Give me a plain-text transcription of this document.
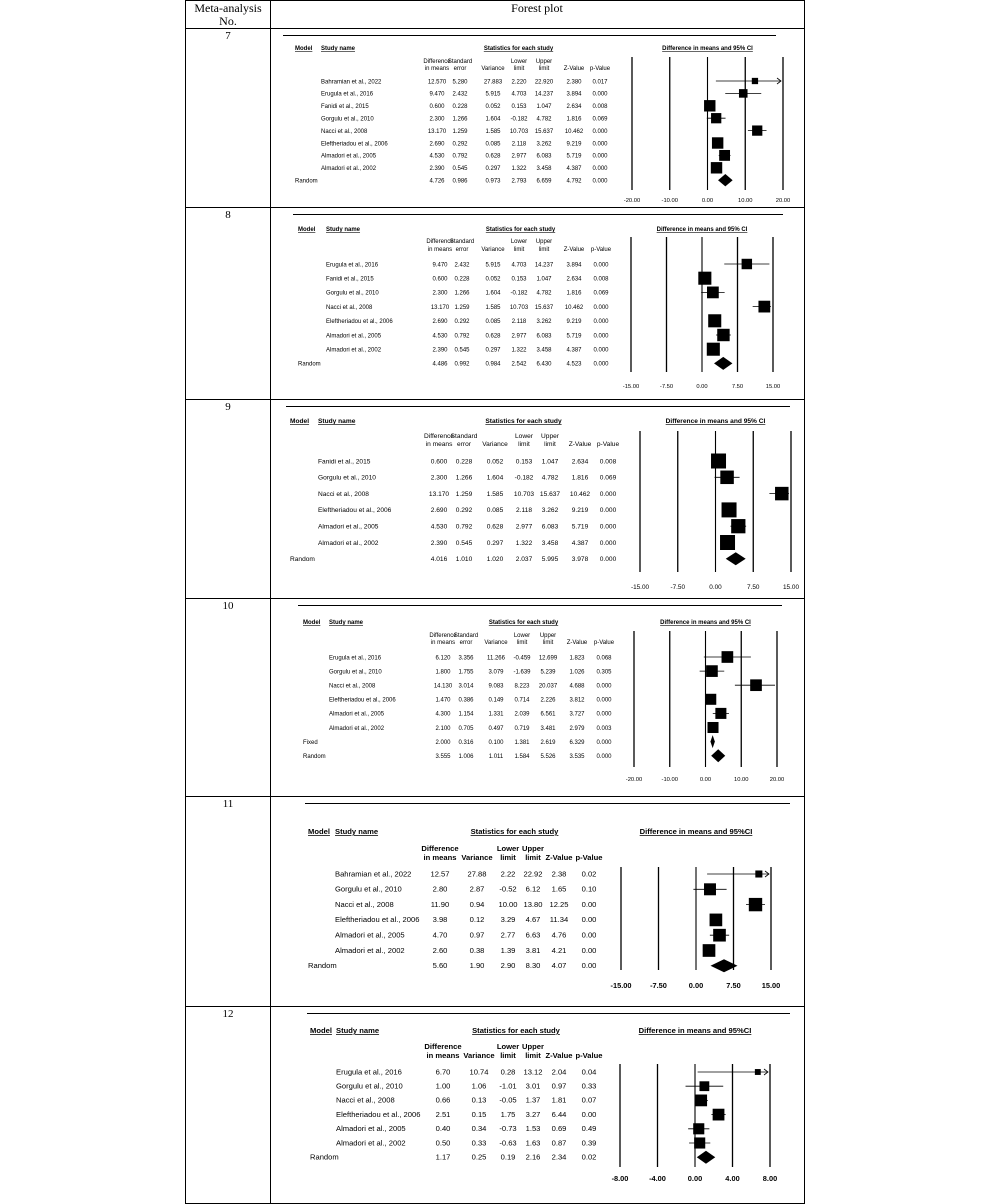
Meta-analysis
No.
Forest plot
7
Model Study name	Statistics for each study	Difference in means and 95% CI
Difference
in means
Standard
error	Variance
Lower
limit
Upper
limit Z-Value p-Value
-20.00	-10.00	0.00	10.00	20.00
Bahramian et al., 2022	12.570 5.280	27.883 2.220 22.920 2.380 0.017
Erugula et al., 2016	9.470 2.432	5.915 4.703 14.237 3.894 0.000
Fanidi et al., 2015	0.600 0.228	0.052 0.153 1.047 2.634 0.008
Gorgulu et al., 2010	2.300 1.266	1.604 -0.182 4.782 1.816 0.069
Nacci et al., 2008	13.170 1.259	1.585 10.703 15.637 10.462 0.000
Eleftheriadou et al., 2006	2.690 0.292	0.085 2.118 3.262 9.219 0.000
Almadori et al., 2005	4.530 0.792	0.628 2.977 6.083 5.719 0.000
Almadori et al., 2002	2.390 0.545	0.297 1.322 3.458 4.387 0.000
Random	4.726 0.986	0.973 2.793 6.659 4.792 0.000
8
Model Study name	Statistics for each study	Difference in means and 95% CI
Difference
in means
Standard
error Variance
Lower
limit
Upper
limit Z-Value p-Value
-15.00	-7.50	0.00	7.50	15.00
Erugula et al., 2016	9.470 2.432	5.915 4.703 14.237 3.894 0.000
Fanidi et al., 2015	0.600 0.228	0.052 0.153 1.047 2.634 0.008
Gorgulu et al., 2010	2.300 1.266	1.604 -0.182 4.782 1.816 0.069
Nacci et al., 2008	13.170 1.259	1.585 10.703 15.637 10.462 0.000
Eleftheriadou et al., 2006	2.690 0.292	0.085 2.118 3.262 9.219 0.000
Almadori et al., 2005	4.530 0.792	0.628 2.977 6.083 5.719 0.000
Almadori et al., 2002	2.390 0.545	0.297 1.322 3.458 4.387 0.000
Random	4.486 0.992	0.984 2.542 6.430 4.523 0.000
9
Model Study name	Statistics for each study	Difference in means and 95% CI
Difference
in means
Standard
error Variance
Lower
limit
Upper
limit Z-Value p-Value
-15.00	-7.50	0.00	7.50	15.00
Fanidi et al., 2015	0.600 0.228 0.052 0.153 1.047 2.634 0.008
Gorgulu et al., 2010	2.300 1.266 1.604 -0.182 4.782 1.816 0.069
Nacci et al., 2008	13.170 1.259 1.585 10.703 15.637 10.462 0.000
Eleftheriadou et al., 2006	2.690 0.292 0.085 2.118 3.262 9.219 0.000
Almadori et al., 2005	4.530 0.792 0.628 2.977 6.083 5.719 0.000
Almadori et al., 2002	2.390 0.545 0.297 1.322 3.458 4.387 0.000
Random	4.016 1.010 1.020 2.037 5.995 3.978 0.000
10
Model Study name	Statistics for each study	Difference in means and 95% CI
Difference
in means
Standard
error Variance
Lower
limit
Upper
limit Z-Value p-Value
-20.00	-10.00	0.00	10.00	20.00
Erugula et al., 2016	6.120 3.356 11.266 -0.459 12.699 1.823 0.068
Gorgulu et al., 2010	1.800 1.755 3.079 -1.639 5.239 1.026 0.305
Nacci et al., 2008	14.130 3.014 9.083 8.223 20.037 4.688 0.000
Eleftheriadou et al., 2006	1.470 0.386 0.149 0.714 2.226 3.812 0.000
Almadori et al., 2005	4.300 1.154 1.331 2.039 6.561 3.727 0.000
Almadori et al., 2002	2.100 0.705 0.497 0.719 3.481 2.979 0.003
Fixed	2.000 0.316 0.100 1.381 2.619 6.329 0.000
Random	3.555 1.006	1.011 1.584 5.526 3.535 0.000
11
Model Study name	Statistics for each study	Difference in means and 95%CI
Difference
in means Variance
Lower
limit
Upper
limit Z-Value p-Value
-15.00	-7.50	0.00	7.50	15.00
Bahramian et al., 2022	12.57 27.88 2.22 22.92 2.38 0.02
Gorgulu et al., 2010	2.80	2.87 -0.52 6.12 1.65 0.10
Nacci et al., 2008	11.90	0.94 10.00 13.80 12.25 0.00
Eleftheriadou et al., 2006 3.98	0.12 3.29 4.67 11.34 0.00
Almadori et al., 2005	4.70	0.97 2.77 6.63 4.76 0.00
Almadori et al., 2002	2.60	0.38 1.39 3.81 4.21 0.00
Random	5.60	1.90 2.90 8.30 4.07 0.00
12
Model Study name	Statistics for each study	Difference in means and 95%CI
Difference
in means Variance
Lower
limit
Upper
limit Z-Value p-Value
-8.00	-4.00	0.00	4.00	8.00
Erugula et al., 2016	6.70	10.74 0.28 13.12 2.04 0.04
Gorgulu et al., 2010	1.00	1.06 -1.01 3.01 0.97 0.33
Nacci et al., 2008	0.66	0.13 -0.05 1.37 1.81 0.07
Eleftheriadou et al., 2006 2.51	0.15 1.75 3.27 6.44 0.00
Almadori et al., 2005	0.40	0.34 -0.73 1.53 0.69 0.49
Almadori et al., 2002	0.50	0.33 -0.63 1.63 0.87 0.39
Random	1.17	0.25 0.19 2.16 2.34 0.02
